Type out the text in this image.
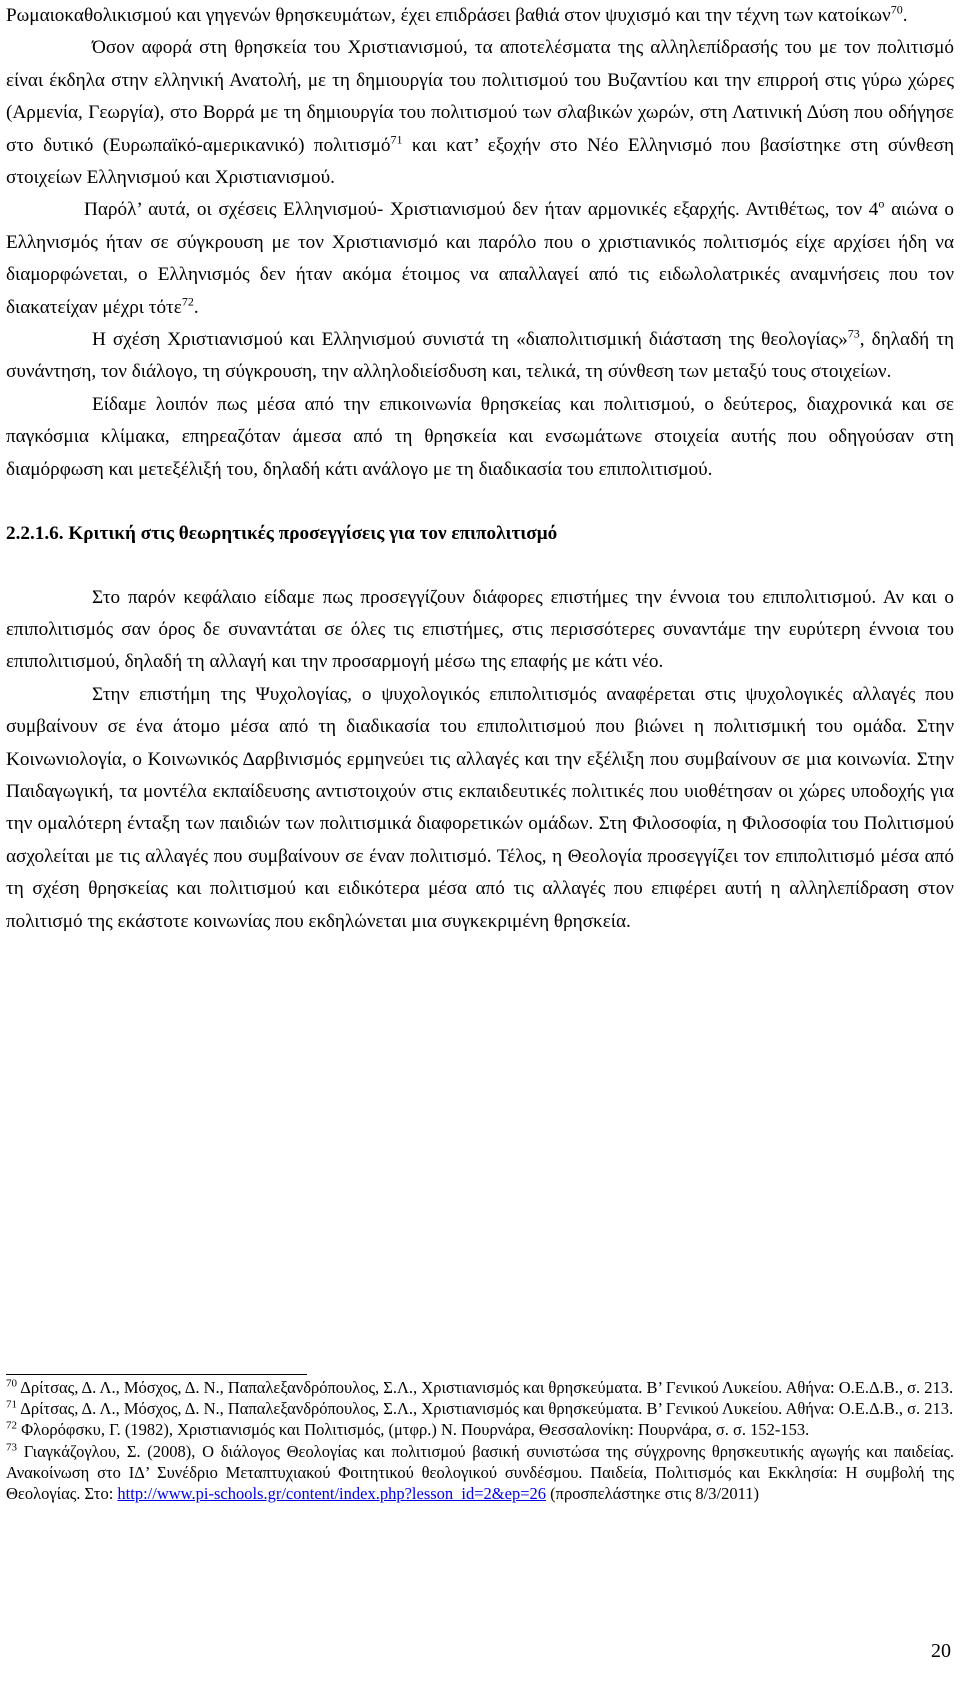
Ρωμαιοκαθολικισμού και γηγενών θρησκευμάτων, έχει επιδράσει βαθιά στον ψυχισμό και την τέχνη των κατοίκων$^{70}$.

Όσον αφορά στη θρησκεία του Χριστιανισμού, τα αποτελέσματα της αλληλεπίδρασής του με τον πολιτισμό είναι έκδηλα στην ελληνική Ανατολή, με τη δημιουργία του πολιτισμού του Βυζαντίου και την επιρροή στις γύρω χώρες (Αρμενία, Γεωργία), στο Βορρά με τη δημιουργία του πολιτισμού των σλαβικών χωρών, στη Λατινική Δύση που οδήγησε στο δυτικό (Ευρωπαϊκό-αμερικανικό) πολιτισμό$^{71}$ και κατ’ εξοχήν στο Νέο Ελληνισμό που βασίστηκε στη σύνθεση στοιχείων Ελληνισμού και Χριστιανισμού.

Παρόλ’ αυτά, οι σχέσεις Ελληνισμού- Χριστιανισμού δεν ήταν αρμονικές εξαρχής. Αντιθέτως, τον $4^o$ αιώνα ο Ελληνισμός ήταν σε σύγκρουση με τον Χριστιανισμό και παρόλο που ο χριστιανικός πολιτισμός είχε αρχίσει ήδη να διαμορφώνεται, ο Ελληνισμός δεν ήταν ακόμα έτοιμος να απαλλαγεί από τις ειδωλολατρικές αναμνήσεις που τον διακατείχαν μέχρι τότε$^{72}$.

Η σχέση Χριστιανισμού και Ελληνισμού συνιστά τη «διαπολιτισμική διάσταση της θεολογίας»$^{73}$, δηλαδή τη συνάντηση, τον διάλογο, τη σύγκρουση, την αλληλοδιείσδυση και, τελικά, τη σύνθεση των μεταξύ τους στοιχείων.

Είδαμε λοιπόν πως μέσα από την επικοινωνία θρησκείας και πολιτισμού, ο δεύτερος, διαχρονικά και σε παγκόσμια κλίμακα, επηρεαζόταν άμεσα από τη θρησκεία και ενσωμάτωνε στοιχεία αυτής που οδηγούσαν στη διαμόρφωση και μετεξέλιξή του, δηλαδή κάτι ανάλογο με τη διαδικασία του επιπολιτισμού.

2.2.1.6. Κριτική στις θεωρητικές προσεγγίσεις για τον επιπολιτισμό

Στο παρόν κεφάλαιο είδαμε πως προσεγγίζουν διάφορες επιστήμες την έννοια του επιπολιτισμού. Αν και ο επιπολιτισμός σαν όρος δε συναντάται σε όλες τις επιστήμες, στις περισσότερες συναντάμε την ευρύτερη έννοια του επιπολιτισμού, δηλαδή τη αλλαγή και την προσαρμογή μέσω της επαφής με κάτι νέο.

Στην επιστήμη της Ψυχολογίας, ο ψυχολογικός επιπολιτισμός αναφέρεται στις ψυχολογικές αλλαγές που συμβαίνουν σε ένα άτομο μέσα από τη διαδικασία του επιπολιτισμού που βιώνει η πολιτισμική του ομάδα. Στην Κοινωνιολογία, ο Κοινωνικός Δαρβινισμός ερμηνεύει τις αλλαγές και την εξέλιξη που συμβαίνουν σε μια κοινωνία. Στην Παιδαγωγική, τα μοντέλα εκπαίδευσης αντιστοιχούν στις εκπαιδευτικές πολιτικές που υιοθέτησαν οι χώρες υποδοχής για την ομαλότερη ένταξη των παιδιών των πολιτισμικά διαφορετικών ομάδων. Στη Φιλοσοφία, η Φιλοσοφία του Πολιτισμού ασχολείται με τις αλλαγές που συμβαίνουν σε έναν πολιτισμό. Τέλος, η Θεολογία προσεγγίζει τον επιπολιτισμό μέσα από τη σχέση θρησκείας και πολιτισμού και ειδικότερα μέσα από τις αλλαγές που επιφέρει αυτή η αλληλεπίδραση στον πολιτισμό της εκάστοτε κοινωνίας που εκδηλώνεται μια συγκεκριμένη θρησκεία.

$^{70}$ Δρίτσας, Δ. Λ., Μόσχος, Δ. Ν., Παπαλεξανδρόπουλος, Σ.Λ., Χριστιανισμός και θρησκεύματα. Β’ Γενικού Λυκείου. Αθήνα: Ο.Ε.Δ.Β., σ. 213.

$^{71}$ Δρίτσας, Δ. Λ., Μόσχος, Δ. Ν., Παπαλεξανδρόπουλος, Σ.Λ., Χριστιανισμός και θρησκεύματα. Β’ Γενικού Λυκείου. Αθήνα: Ο.Ε.Δ.Β., σ. 213.

$^{72}$ Φλορόφσκυ, Γ. (1982), Χριστιανισμός και Πολιτισμός, (μτφρ.) Ν. Πουρνάρα, Θεσσαλονίκη: Πουρνάρα, σ. σ. 152-153.

$^{73}$ Γιαγκάζογλου, Σ. (2008), Ο διάλογος Θεολογίας και πολιτισμού βασική συνιστώσα της σύγχρονης θρησκευτικής αγωγής και παιδείας. Ανακοίνωση στο ΙΔ’ Συνέδριο Μεταπτυχιακού Φοιτητικού θεολογικού συνδέσμου. Παιδεία, Πολιτισμός και Εκκλησία: Η συμβολή της Θεολογίας. Στο: http://www.pi-schools.gr/content/index.php?lesson_id=2&ep=26 (προσπελάστηκε στις 8/3/2011)

20
